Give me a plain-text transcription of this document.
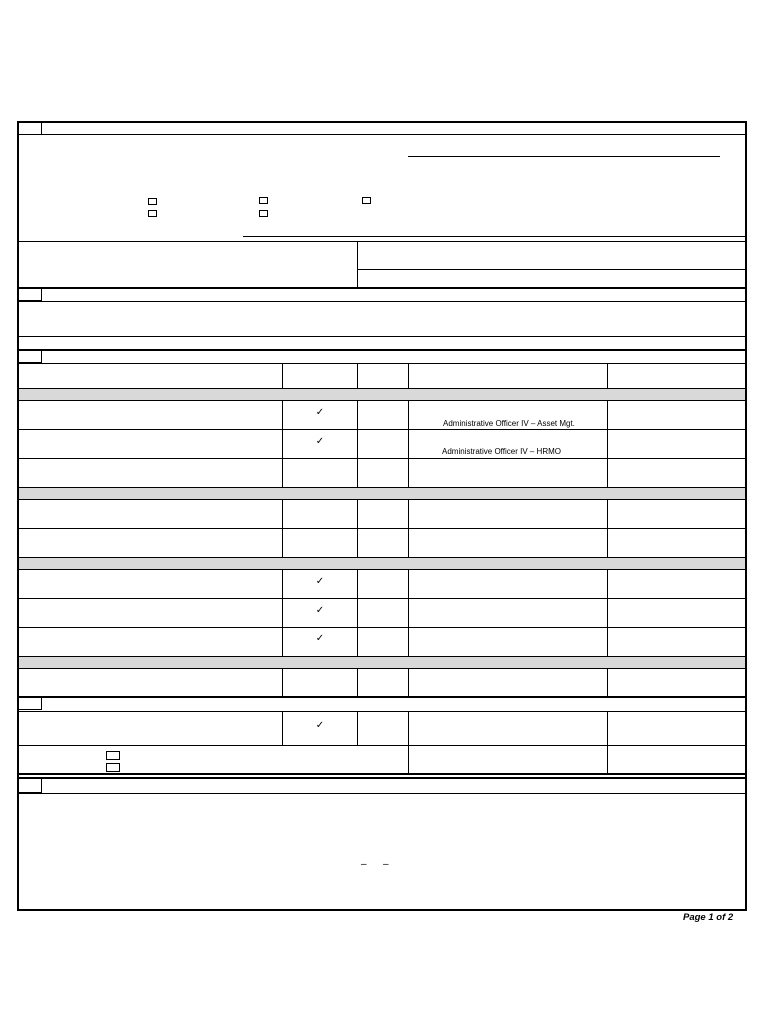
✓
✓
Administrative Officer IV – Asset Mgt.
Administrative Officer IV – HRMO
✓
✓
✓
✓
– –
Page 1 of 2
